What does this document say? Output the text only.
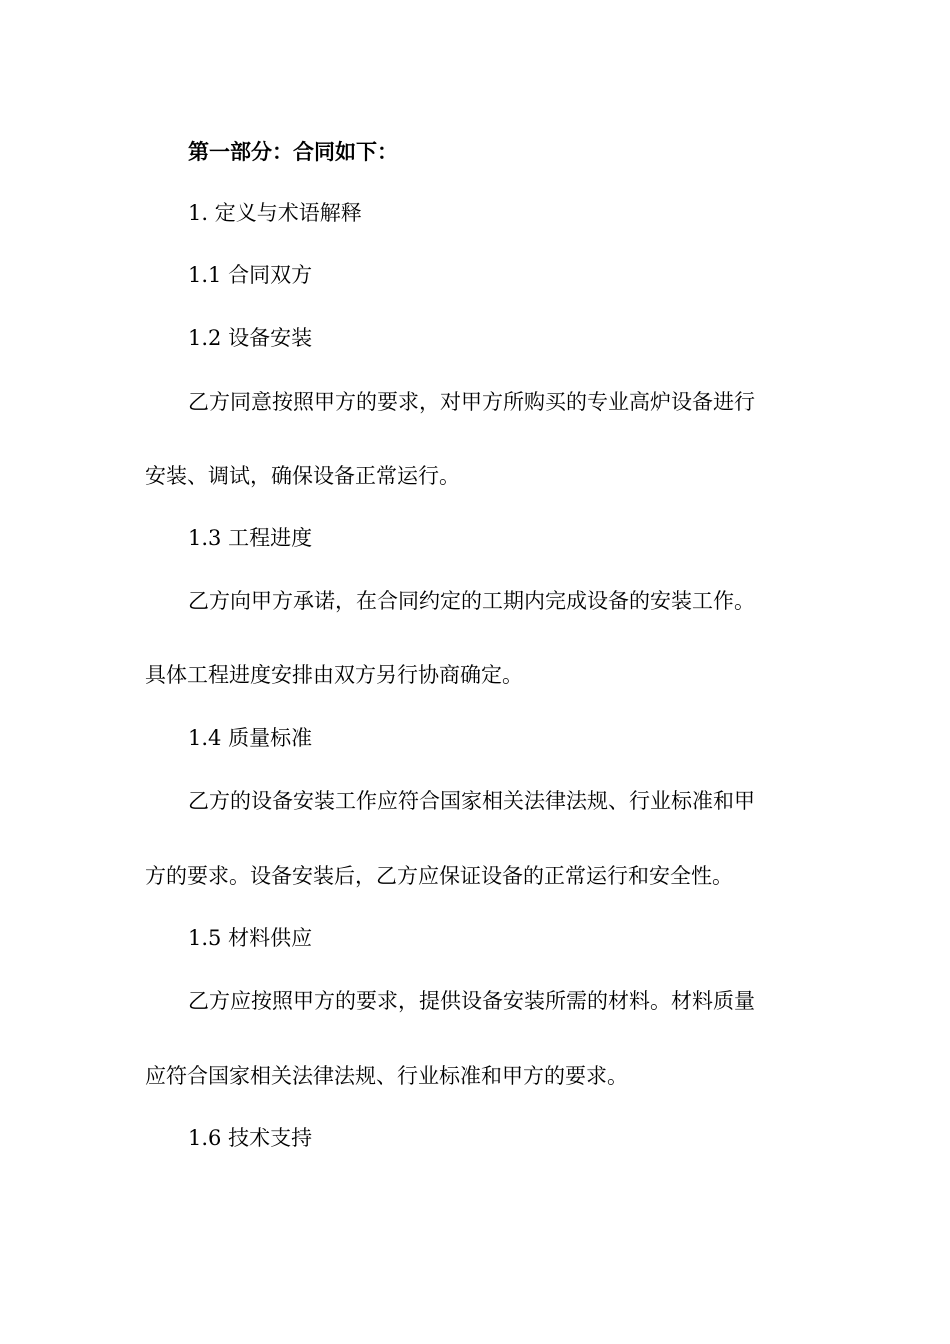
第一部分：合同如下：

1. 定义与术语解释

1.1 合同双方

1.2 设备安装

乙方同意按照甲方的要求，对甲方所购买的专业高炉设备进行

安装、调试，确保设备正常运行。

1.3 工程进度

乙方向甲方承诺，在合同约定的工期内完成设备的安装工作。

具体工程进度安排由双方另行协商确定。

1.4 质量标准

乙方的设备安装工作应符合国家相关法律法规、行业标准和甲

方的要求。设备安装后，乙方应保证设备的正常运行和安全性。

1.5 材料供应

乙方应按照甲方的要求，提供设备安装所需的材料。材料质量

应符合国家相关法律法规、行业标准和甲方的要求。

1.6 技术支持
